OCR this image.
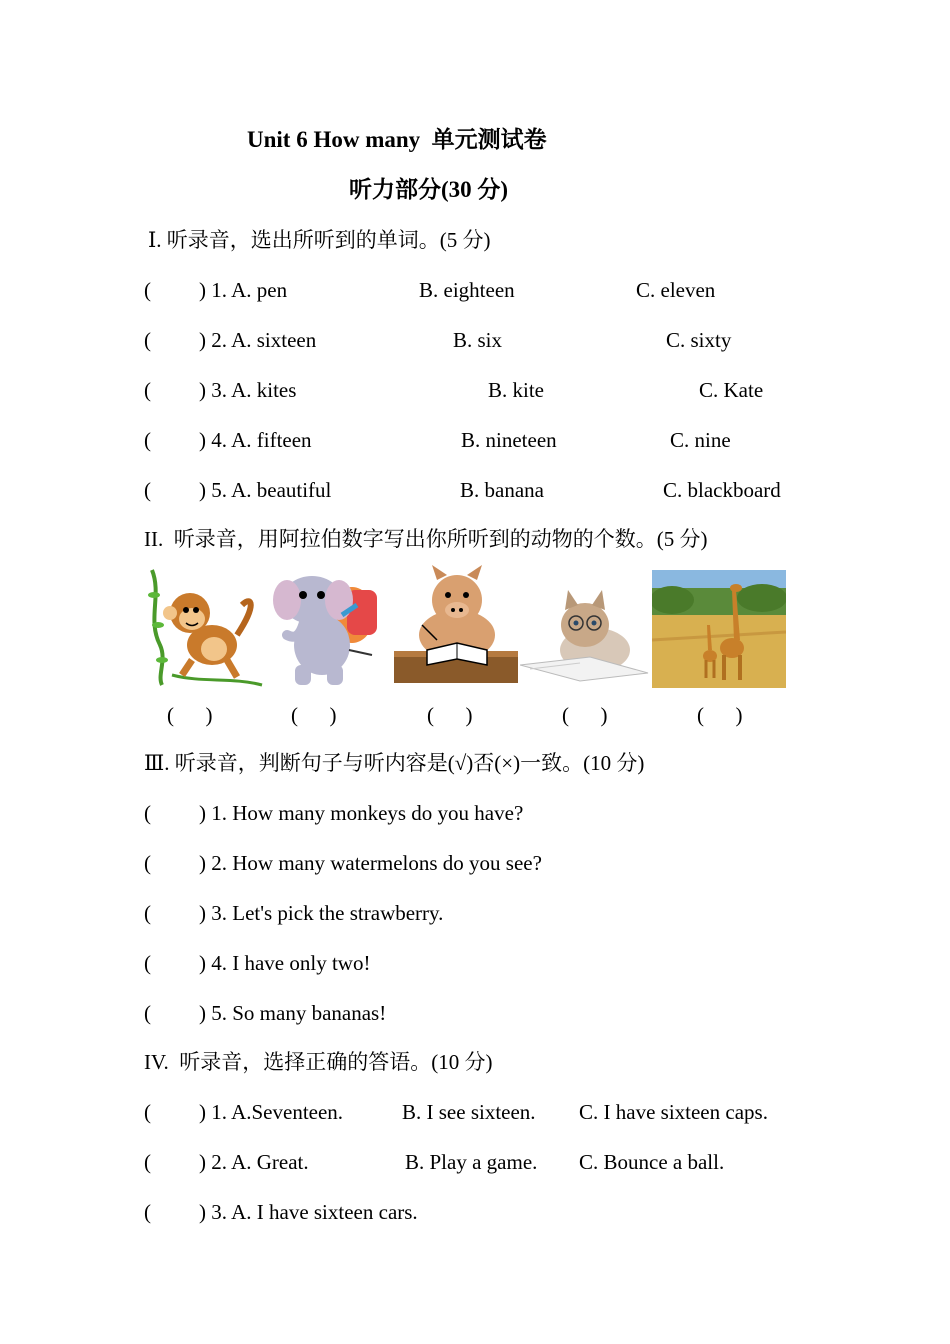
Unit 6 How many  单元测试卷
听力部分(30 分)
Ⅰ. 听录音，选出所听到的单词。(5 分)
( ) 1. A. pen	B. eighteen	C. eleven
( ) 2. A. sixteen	B. six	C. sixty
( ) 3. A. kites	B. kite	C. Kate
( ) 4. A. fifteen	B. nineteen	C. nine
( ) 5. A. beautiful	B. banana	C. blackboard
II.  听录音，用阿拉伯数字写出你所听到的动物的个数。(5 分)
(      )	(      )	(      )	(      )	(      )
Ⅲ. 听录音，判断句子与听内容是(√)否(×)一致。(10 分)
( ) 1. How many monkeys do you have?
( ) 2. How many watermelons do you see?
( ) 3. Let's pick the strawberry.
( ) 4. I have only two!
( ) 5. So many bananas!
IV.  听录音，选择正确的答语。(10 分)
( ) 1. A.Seventeen.	B. I see sixteen. C. I have sixteen caps.
( ) 2. A. Great.	B. Play a game. C. Bounce a ball.
( ) 3. A. I have sixteen cars.
